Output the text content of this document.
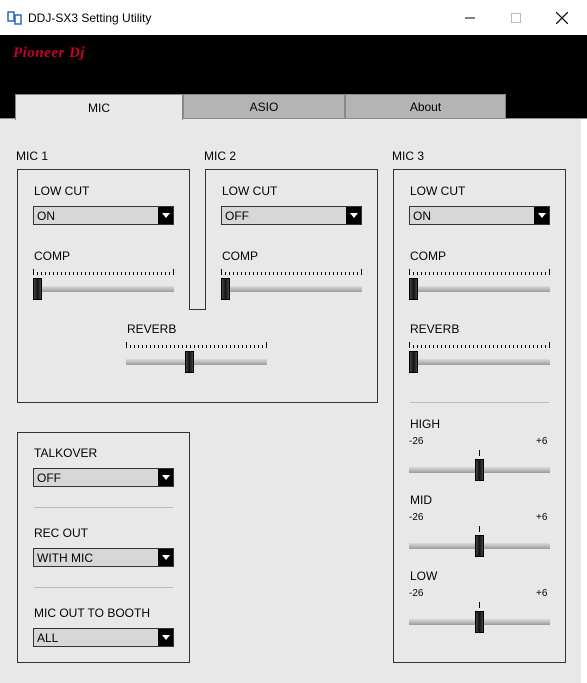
DDJ-SX3 Setting Utility
Pioneer Dj
MIC	ASIO	About
MIC 1	MIC 2	MIC 3
LOW CUT
ON
COMP
LOW CUT
OFF
COMP
REVERB
TALKOVER
OFF
REC OUT
WITH MIC
MIC OUT TO BOOTH
ALL
LOW CUT
ON
COMP
REVERB
HIGH
-26	+6
MID
-26	+6
LOW
-26	+6
